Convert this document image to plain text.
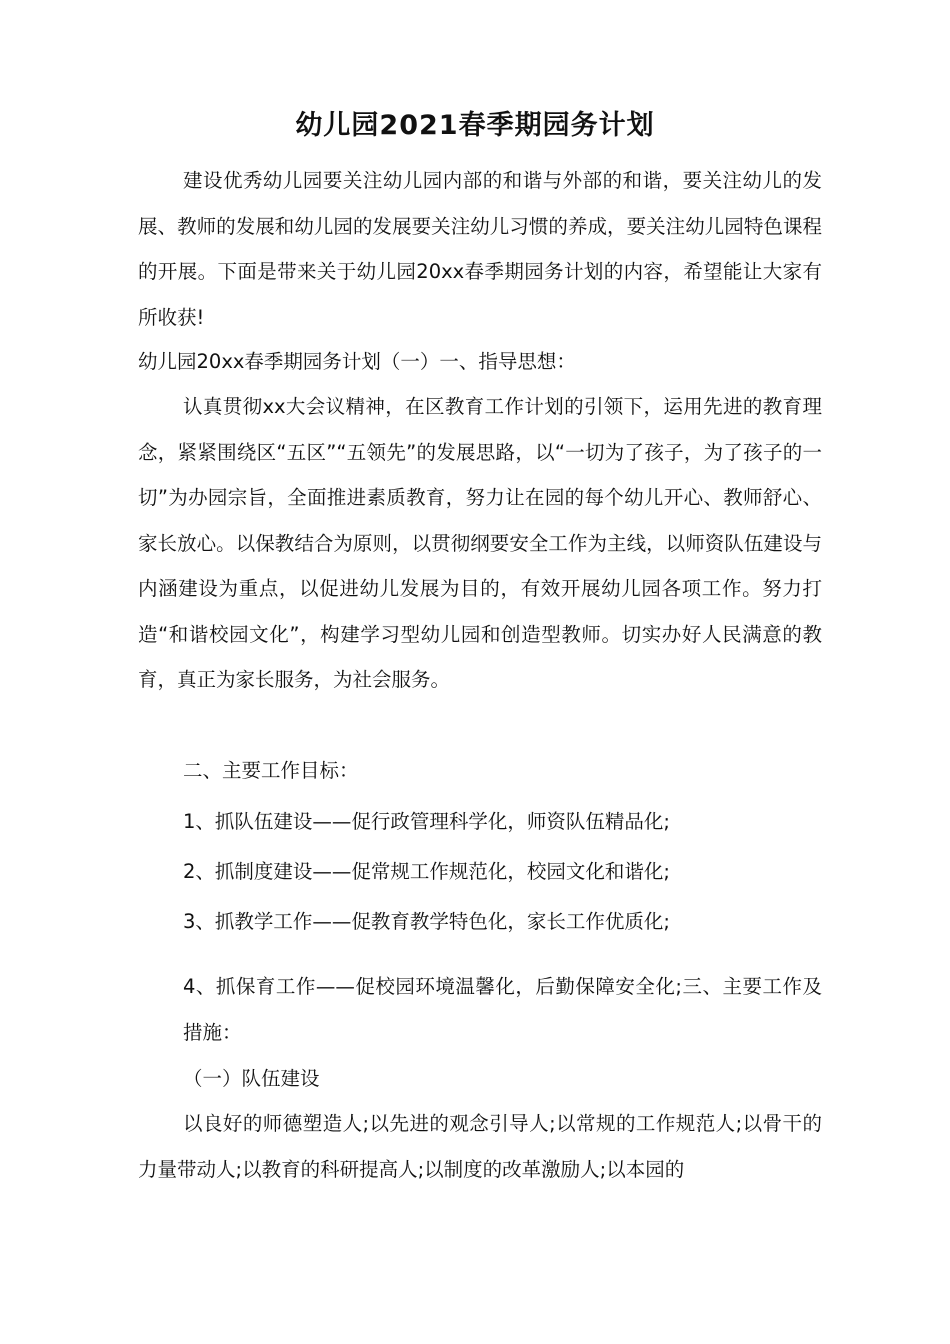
幼儿园2021春季期园务计划
建设优秀幼儿园要关注幼儿园内部的和谐与外部的和谐，要关注幼儿的发展、教师的发展和幼儿园的发展要关注幼儿习惯的养成，要关注幼儿园特色课程的开展。下面是带来关于幼儿园20xx春季期园务计划的内容，希望能让大家有所收获!
幼儿园20xx春季期园务计划（一）一、指导思想：
认真贯彻xx大会议精神，在区教育工作计划的引领下，运用先进的教育理念，紧紧围绕区“五区”“五领先”的发展思路，以“一切为了孩子，为了孩子的一切”为办园宗旨，全面推进素质教育，努力让在园的每个幼儿开心、教师舒心、家长放心。以保教结合为原则，以贯彻纲要安全工作为主线，以师资队伍建设与内涵建设为重点，以促进幼儿发展为目的，有效开展幼儿园各项工作。努力打造“和谐校园文化”，构建学习型幼儿园和创造型教师。切实办好人民满意的教育，真正为家长服务，为社会服务。
二、主要工作目标：
1、抓队伍建设——促行政管理科学化，师资队伍精品化;
2、抓制度建设——促常规工作规范化，校园文化和谐化;
3、抓教学工作——促教育教学特色化，家长工作优质化;
4、抓保育工作——促校园环境温馨化，后勤保障安全化;三、主要工作及措施：
（一）队伍建设
以良好的师德塑造人;以先进的观念引导人;以常规的工作规范人;以骨干的力量带动人;以教育的科研提高人;以制度的改革激励人;以本园的
